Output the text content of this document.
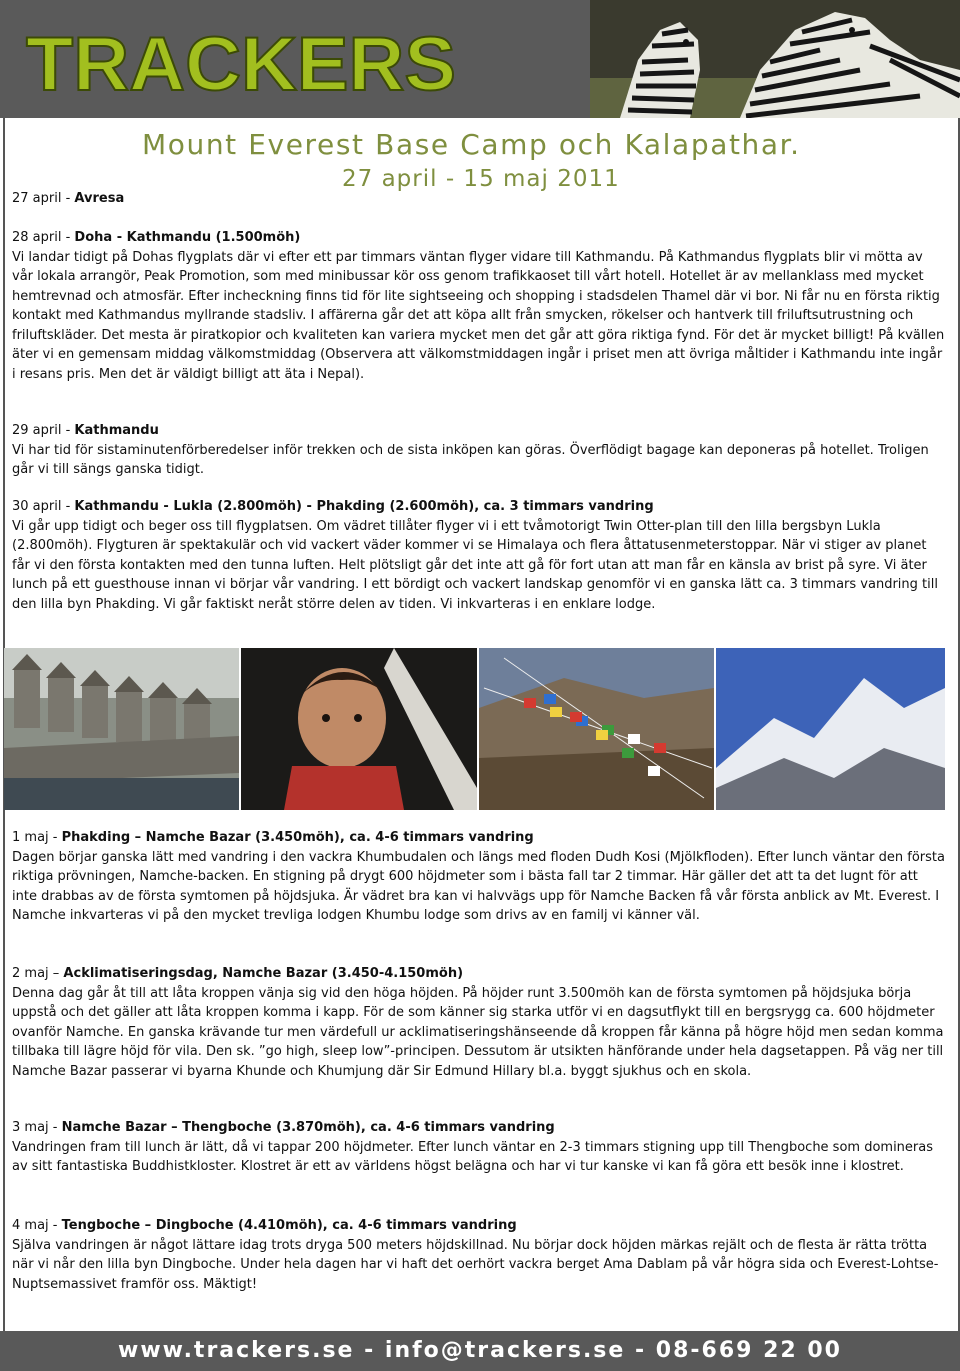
TRACKERS
Mount Everest Base Camp och Kalapathar.
27 april - 15 maj 2011
27 april - Avresa

28 april - Doha - Kathmandu (1.500möh)

Vi landar tidigt på Dohas flygplats där vi efter ett par timmars väntan flyger vidare till Kathmandu. På Kathmandus flygplats blir vi mötta av vår lokala arrangör, Peak Promotion, som med minibussar kör oss genom trafikkaoset till vårt hotell. Hotellet är av mellanklass med mycket hemtrevnad och atmosfär. Efter incheckning finns tid för lite sightseeing och shopping i stadsdelen Thamel där vi bor. Ni får nu en första riktig kontakt med Kathmandus myllrande stadsliv. I affärerna går det att köpa allt från smycken, rökelser och hantverk till friluftsutrustning och friluftskläder. Det mesta är piratkopior och kvaliteten kan variera mycket men det går att göra riktiga fynd. För det är mycket billigt! På kvällen äter vi en gemensam middag välkomstmiddag (Observera att välkomstmiddagen ingår i priset men att övriga måltider i Kathmandu inte ingår i resans pris. Men det är väldigt billigt att äta i Nepal).

29 april - Kathmandu

Vi har tid för sistaminutenförberedelser inför trekken och de sista inköpen kan göras. Överflödigt bagage kan deponeras på hotellet. Troligen går vi till sängs ganska tidigt.

30 april - Kathmandu - Lukla (2.800möh) - Phakding (2.600möh), ca. 3 timmars vandring

Vi går upp tidigt och beger oss till flygplatsen. Om vädret tillåter flyger vi i ett tvåmotorigt Twin Otter-plan till den lilla bergsbyn Lukla (2.800möh). Flygturen är spektakulär och vid vackert väder kommer vi se Himalaya och flera åttatusenmeterstoppar. När vi stiger av planet får vi den första kontakten med den tunna luften. Helt plötsligt går det inte att gå för fort utan att man får en känsla av brist på syre. Vi äter lunch på ett guesthouse innan vi börjar vår vandring. I ett bördigt och vackert landskap genomför vi en ganska lätt ca. 3 timmars vandring till den lilla byn Phakding. Vi går faktiskt neråt större delen av tiden. Vi inkvarteras i en enklare lodge.

1 maj - Phakding – Namche Bazar (3.450möh), ca. 4-6 timmars vandring

Dagen börjar ganska lätt med vandring i den vackra Khumbudalen och längs med floden Dudh Kosi (Mjölkfloden). Efter lunch väntar den första riktiga prövningen, Namche-backen. En stigning på drygt 600 höjdmeter som i bästa fall tar 2 timmar. Här gäller det att ta det lugnt för att inte drabbas av de första symtomen på höjdsjuka. Är vädret bra kan vi halvvägs upp för Namche Backen få vår första anblick av Mt. Everest. I Namche inkvarteras vi på den mycket trevliga lodgen Khumbu lodge som drivs av en familj vi känner väl.

2 maj – Acklimatiseringsdag, Namche Bazar (3.450-4.150möh)

Denna dag går åt till att låta kroppen vänja sig vid den höga höjden. På höjder runt 3.500möh kan de första symtomen på höjdsjuka börja uppstå och det gäller att låta kroppen komma i kapp. För de som känner sig starka utför vi en dagsutflykt till en bergsrygg ca. 600 höjdmeter ovanför Namche. En ganska krävande tur men värdefull ur acklimatiseringshänseende då kroppen får känna på högre höjd men sedan komma tillbaka till lägre höjd för vila. Den sk. ”go high, sleep low”-principen. Dessutom är utsikten hänförande under hela dagsetappen. På väg ner till Namche Bazar passerar vi byarna Khunde och Khumjung där Sir Edmund Hillary bl.a. byggt sjukhus och en skola.

3 maj - Namche Bazar – Thengboche (3.870möh), ca. 4-6 timmars vandring

Vandringen fram till lunch är lätt, då vi tappar 200 höjdmeter. Efter lunch väntar en 2-3 timmars stigning upp till Thengboche som domineras av sitt fantastiska Buddhistkloster. Klostret är ett av världens högst belägna och har vi tur kanske vi kan få göra ett besök inne i klostret.

4 maj - Tengboche – Dingboche (4.410möh), ca. 4-6 timmars vandring

Själva vandringen är något lättare idag trots dryga 500 meters höjdskillnad. Nu börjar dock höjden märkas rejält och de flesta är rätta trötta när vi når den lilla byn Dingboche. Under hela dagen har vi haft det oerhört vackra berget Ama Dablam på vår högra sida och Everest-Lohtse-Nuptsemassivet framför oss. Mäktigt!

www.trackers.se - info@trackers.se - 08-669 22 00
